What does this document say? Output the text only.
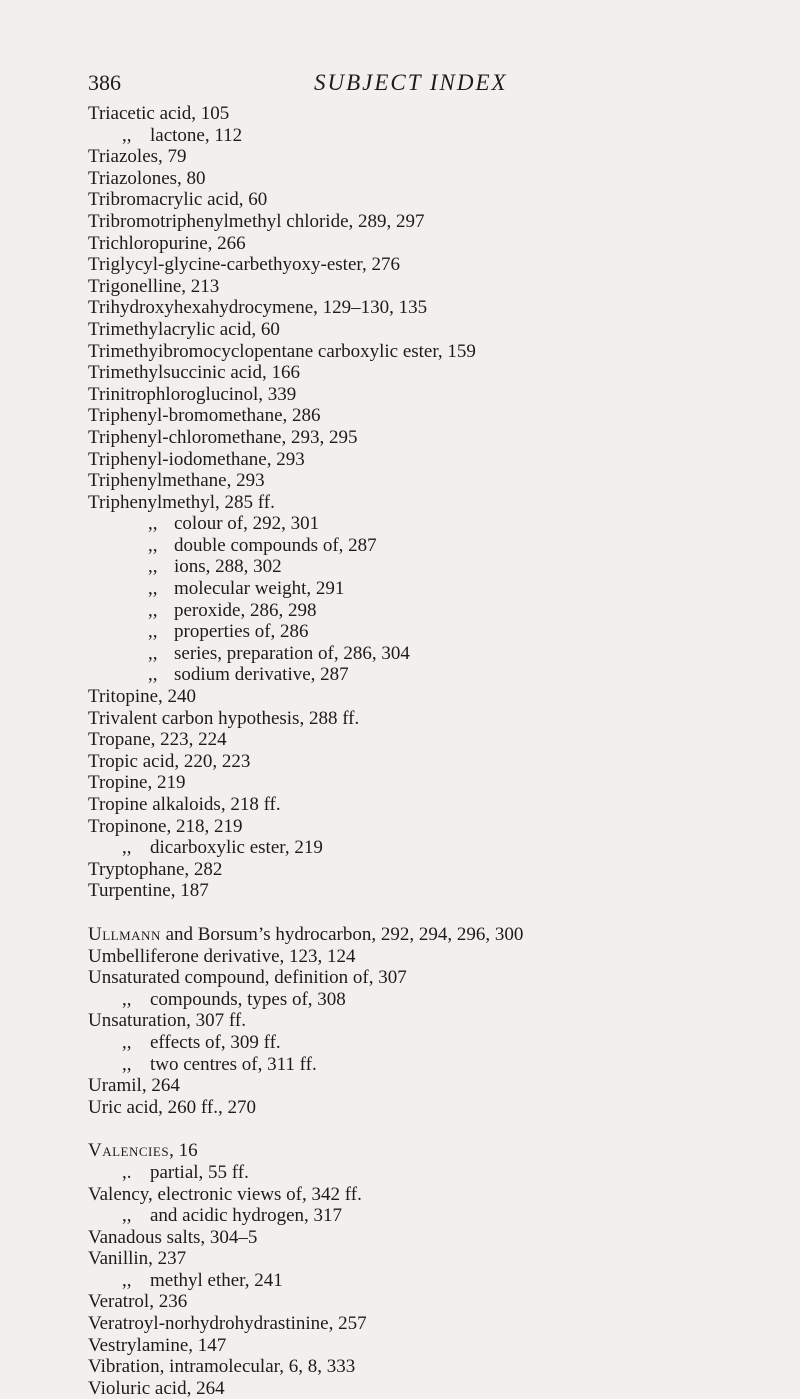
386	SUBJECT INDEX
Triacetic acid, 105
,, lactone, 112
Triazoles, 79
Triazolones, 80
Tribromacrylic acid, 60
Tribromotriphenylmethyl chloride, 289, 297
Trichloropurine, 266
Triglycyl-glycine-carbethyoxy-ester, 276
Trigonelline, 213
Trihydroxyhexahydrocymene, 129–130, 135
Trimethylacrylic acid, 60
Trimethyibromocyclopentane carboxylic ester, 159
Trimethylsuccinic acid, 166
Trinitrophloroglucinol, 339
Triphenyl-bromomethane, 286
Triphenyl-chloromethane, 293, 295
Triphenyl-iodomethane, 293
Triphenylmethane, 293
Triphenylmethyl, 285 ff.
,, colour of, 292, 301
,, double compounds of, 287
,, ions, 288, 302
,, molecular weight, 291
,, peroxide, 286, 298
,, properties of, 286
,, series, preparation of, 286, 304
,, sodium derivative, 287
Tritopine, 240
Trivalent carbon hypothesis, 288 ff.
Tropane, 223, 224
Tropic acid, 220, 223
Tropine, 219
Tropine alkaloids, 218 ff.
Tropinone, 218, 219
,, dicarboxylic ester, 219
Tryptophane, 282
Turpentine, 187
Ullmann and Borsum’s hydrocarbon, 292, 294, 296, 300
Umbelliferone derivative, 123, 124
Unsaturated compound, definition of, 307
,, compounds, types of, 308
Unsaturation, 307 ff.
,, effects of, 309 ff.
,, two centres of, 311 ff.
Uramil, 264
Uric acid, 260 ff., 270
Valencies, 16
,. partial, 55 ff.
Valency, electronic views of, 342 ff.
,, and acidic hydrogen, 317
Vanadous salts, 304–5
Vanillin, 237
,, methyl ether, 241
Veratrol, 236
Veratroyl-norhydrohydrastinine, 257
Vestrylamine, 147
Vibration, intramolecular, 6, 8, 333
Violuric acid, 264
